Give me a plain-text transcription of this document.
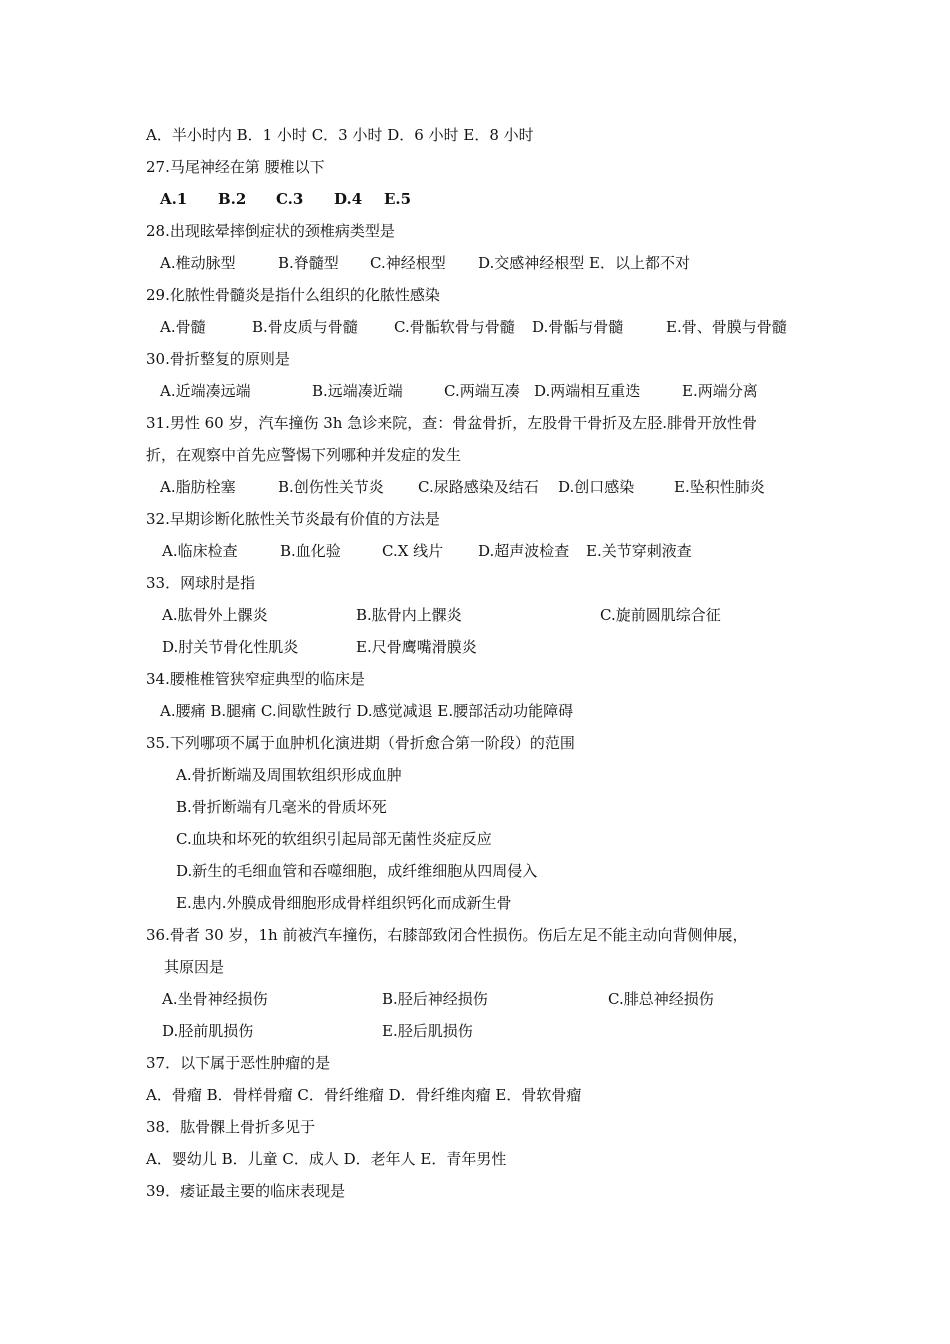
A．半小时内 B．1 小时 C．3 小时 D．6 小时 E．8 小时
27.马尾神经在第 腰椎以下
A.1 B.2 C.3 D.4 E.5
28.出现眩晕摔倒症状的颈椎病类型是
A.椎动脉型	B.脊髓型 C.神经根型 D.交感神经根型 E．以上都不对
29.化脓性骨髓炎是指什么组织的化脓性感染
A.骨髓	B.骨皮质与骨髓 C.骨骺软骨与骨髓 D.骨骺与骨髓	E.骨、骨膜与骨髓
30.骨折整复的原则是
A.近端凑远端	B.远端凑近端	C.两端互凑 D.两端相互重迭	E.两端分离
31.男性 60 岁，汽车撞伤 3h 急诊来院，查：骨盆骨折，左股骨干骨折及左胫.腓骨开放性骨
折，在观察中首先应警惕下列哪种并发症的发生
A.脂肪栓塞	B.创伤性关节炎 C.尿路感染及结石 D.创口感染	E.坠积性肺炎
32.早期诊断化脓性关节炎最有价值的方法是
A.临床检查	B.血化验	C.X 线片 D.超声波检查 E.关节穿刺液查
33．网球肘是指
A.肱骨外上髁炎	B.肱骨内上髁炎	C.旋前圆肌综合征
D.肘关节骨化性肌炎	E.尺骨鹰嘴滑膜炎
34.腰椎椎管狭窄症典型的临床是
A.腰痛 B.腿痛 C.间歇性跛行 D.感觉减退 E.腰部活动功能障碍
35.下列哪项不属于血肿机化演进期（骨折愈合第一阶段）的范围
A.骨折断端及周围软组织形成血肿
B.骨折断端有几毫米的骨质坏死
C.血块和坏死的软组织引起局部无菌性炎症反应
D.新生的毛细血管和吞噬细胞，成纤维细胞从四周侵入
E.患内.外膜成骨细胞形成骨样组织钙化而成新生骨
36.骨者 30 岁，1h 前被汽车撞伤，右膝部致闭合性损伤。伤后左足不能主动向背侧伸展，
其原因是
A.坐骨神经损伤	B.胫后神经损伤	C.腓总神经损伤
D.胫前肌损伤	E.胫后肌损伤
37．以下属于恶性肿瘤的是
A．骨瘤 B．骨样骨瘤 C．骨纤维瘤 D．骨纤维肉瘤 E．骨软骨瘤
38．肱骨髁上骨折多见于
A．婴幼儿 B．儿童 C．成人 D．老年人 E．青年男性
39．痿证最主要的临床表现是
